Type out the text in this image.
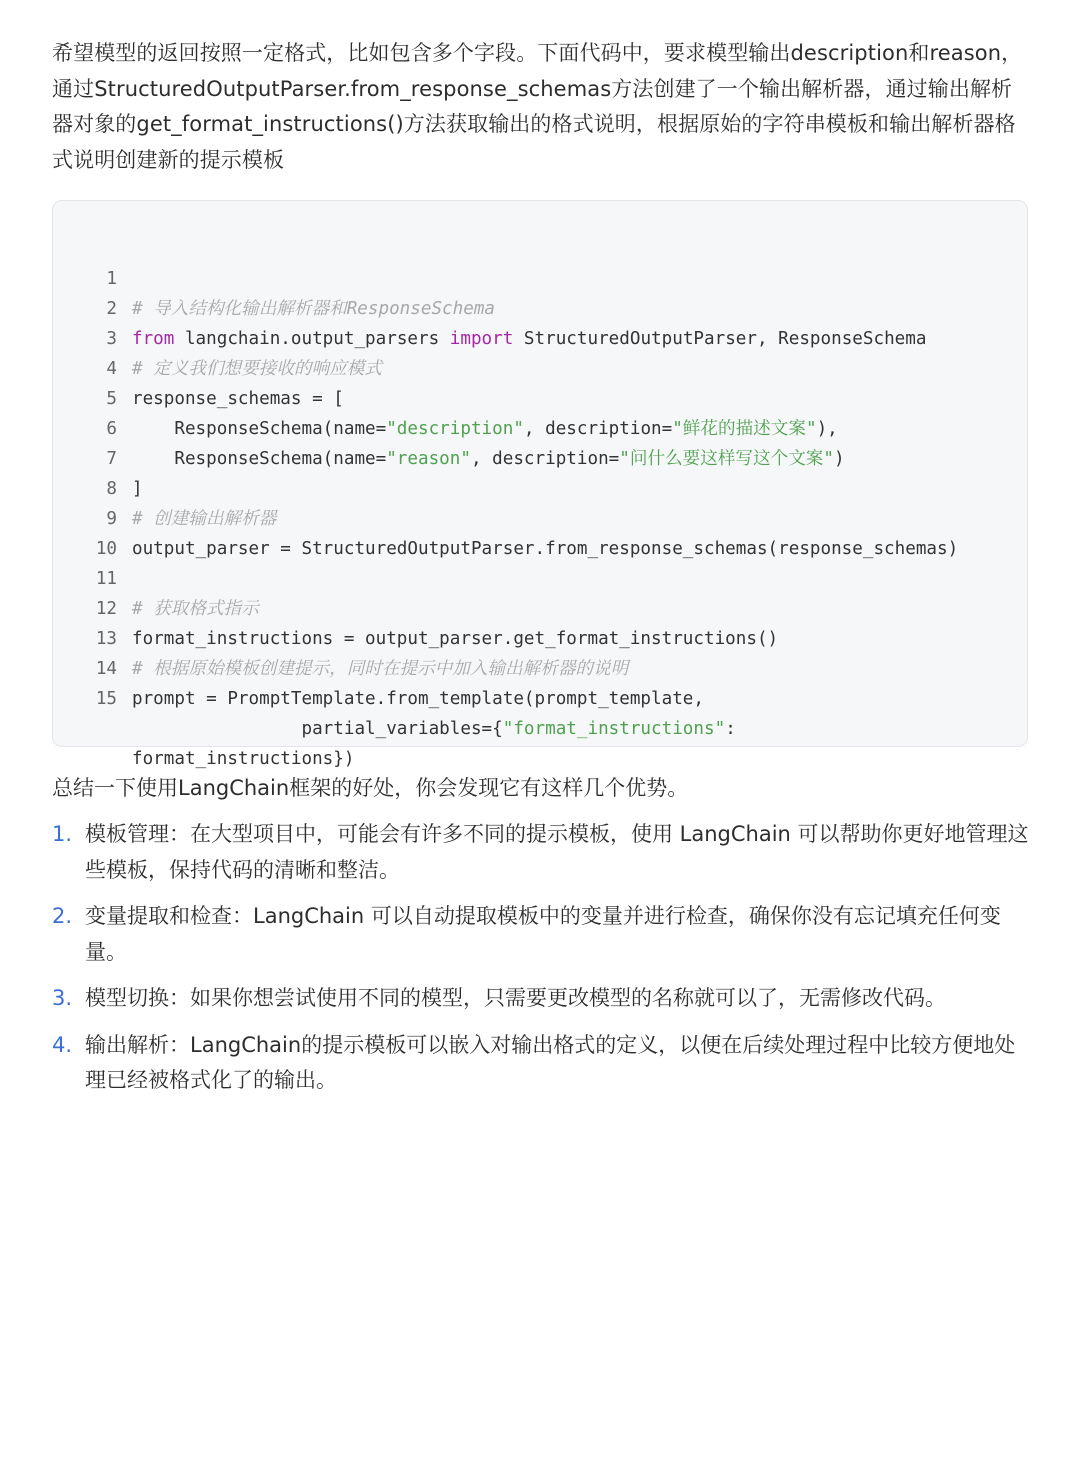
希望模型的返回按照一定格式，比如包含多个字段。下面代码中，要求模型输出description和reason，通过StructuredOutputParser.from_response_schemas方法创建了一个输出解析器，通过输出解析器对象的get_format_instructions()方法获取输出的格式说明，根据原始的字符串模板和输出解析器格式说明创建新的提示模板

1

# 导入结构化输出解析器和ResponseSchema

2

from langchain.output_parsers import StructuredOutputParser, ResponseSchema

3

# 定义我们想要接收的响应模式

4

response_schemas = [

5

ResponseSchema(name="description", description="鲜花的描述文案"),

6

ResponseSchema(name="reason", description="问什么要这样写这个文案")

7

]

8

# 创建输出解析器

9

output_parser = StructuredOutputParser.from_response_schemas(response_schemas)

10

11

# 获取格式指示

12

format_instructions = output_parser.get_format_instructions()

13

# 根据原始模板创建提示，同时在提示中加入输出解析器的说明

14

prompt = PromptTemplate.from_template(prompt_template,

15

partial_variables={"format_instructions":
format_instructions})

总结一下使用LangChain框架的好处，你会发现它有这样几个优势。

1. 模板管理：在大型项目中，可能会有许多不同的提示模板，使用 LangChain 可以帮助你更好地管理这些模板，保持代码的清晰和整洁。
2. 变量提取和检查：LangChain 可以自动提取模板中的变量并进行检查，确保你没有忘记填充任何变量。
3. 模型切换：如果你想尝试使用不同的模型，只需要更改模型的名称就可以了，无需修改代码。
4. 输出解析：LangChain的提示模板可以嵌入对输出格式的定义，以便在后续处理过程中比较方便地处理已经被格式化了的输出。
